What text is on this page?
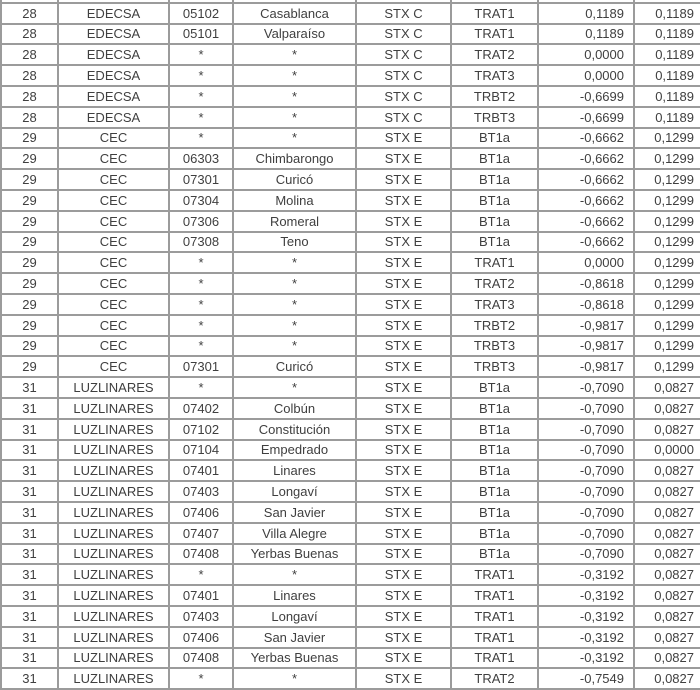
28	EDECSA	05102	Casablanca	STX C	TRAT1	0,1189	0,1189
28	EDECSA	05101	Valparaíso	STX C	TRAT1	0,1189	0,1189
28	EDECSA	*	*	STX C	TRAT2	0,0000	0,1189
28	EDECSA	*	*	STX C	TRAT3	0,0000	0,1189
28	EDECSA	*	*	STX C	TRBT2	-0,6699	0,1189
28	EDECSA	*	*	STX C	TRBT3	-0,6699	0,1189
29	CEC	*	*	STX E	BT1a	-0,6662	0,1299
29	CEC	06303	Chimbarongo	STX E	BT1a	-0,6662	0,1299
29	CEC	07301	Curicó	STX E	BT1a	-0,6662	0,1299
29	CEC	07304	Molina	STX E	BT1a	-0,6662	0,1299
29	CEC	07306	Romeral	STX E	BT1a	-0,6662	0,1299
29	CEC	07308	Teno	STX E	BT1a	-0,6662	0,1299
29	CEC	*	*	STX E	TRAT1	0,0000	0,1299
29	CEC	*	*	STX E	TRAT2	-0,8618	0,1299
29	CEC	*	*	STX E	TRAT3	-0,8618	0,1299
29	CEC	*	*	STX E	TRBT2	-0,9817	0,1299
29	CEC	*	*	STX E	TRBT3	-0,9817	0,1299
29	CEC	07301	Curicó	STX E	TRBT3	-0,9817	0,1299
31	LUZLINARES	*	*	STX E	BT1a	-0,7090	0,0827
31	LUZLINARES	07402	Colbún	STX E	BT1a	-0,7090	0,0827
31	LUZLINARES	07102	Constitución	STX E	BT1a	-0,7090	0,0827
31	LUZLINARES	07104	Empedrado	STX E	BT1a	-0,7090	0,0000
31	LUZLINARES	07401	Linares	STX E	BT1a	-0,7090	0,0827
31	LUZLINARES	07403	Longaví	STX E	BT1a	-0,7090	0,0827
31	LUZLINARES	07406	San Javier	STX E	BT1a	-0,7090	0,0827
31	LUZLINARES	07407	Villa Alegre	STX E	BT1a	-0,7090	0,0827
31	LUZLINARES	07408	Yerbas Buenas	STX E	BT1a	-0,7090	0,0827
31	LUZLINARES	*	*	STX E	TRAT1	-0,3192	0,0827
31	LUZLINARES	07401	Linares	STX E	TRAT1	-0,3192	0,0827
31	LUZLINARES	07403	Longaví	STX E	TRAT1	-0,3192	0,0827
31	LUZLINARES	07406	San Javier	STX E	TRAT1	-0,3192	0,0827
31	LUZLINARES	07408	Yerbas Buenas	STX E	TRAT1	-0,3192	0,0827
31	LUZLINARES	*	*	STX E	TRAT2	-0,7549	0,0827
